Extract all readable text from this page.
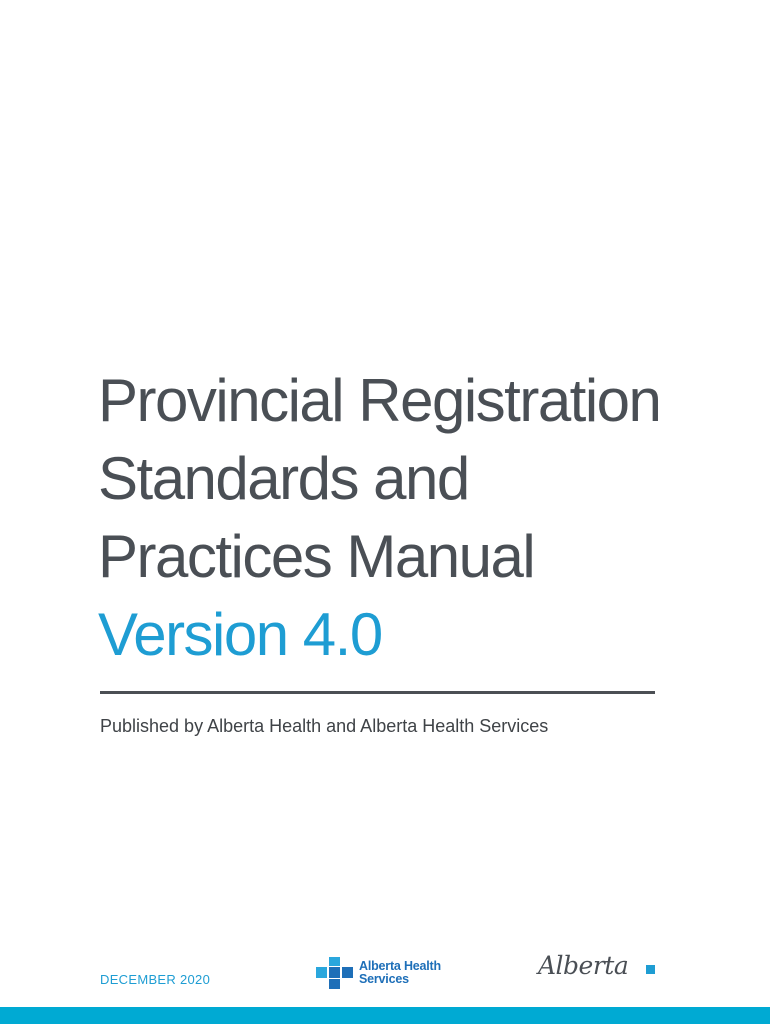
Provincial Registration
Standards and
Practices Manual
Version 4.0
Published by Alberta Health and Alberta Health Services
DECEMBER 2020
Alberta Health
Services	Alberta
